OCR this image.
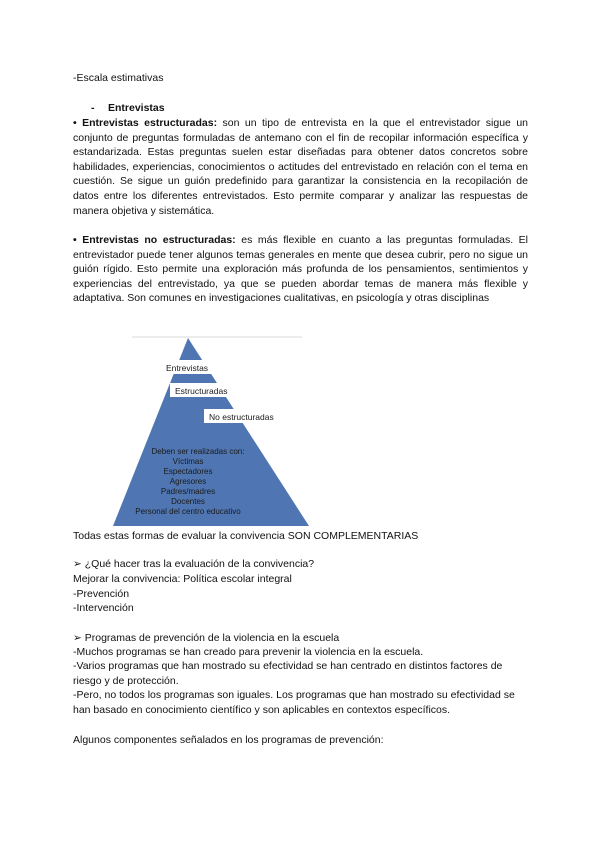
-Escala estimativas
- Entrevistas
• Entrevistas estructuradas: son un tipo de entrevista en la que el entrevistador sigue un conjunto de preguntas formuladas de antemano con el fin de recopilar información específica y estandarizada. Estas preguntas suelen estar diseñadas para obtener datos concretos sobre habilidades, experiencias, conocimientos o actitudes del entrevistado en relación con el tema en cuestión. Se sigue un guión predefinido para garantizar la consistencia en la recopilación de datos entre los diferentes entrevistados. Esto permite comparar y analizar las respuestas de manera objetiva y sistemática.
• Entrevistas no estructuradas: es más flexible en cuanto a las preguntas formuladas. El entrevistador puede tener algunos temas generales en mente que desea cubrir, pero no sigue un guión rígido. Esto permite una exploración más profunda de los pensamientos, sentimientos y experiencias del entrevistado, ya que se pueden abordar temas de manera más flexible y adaptativa. Son comunes en investigaciones cualitativas, en psicología y otras disciplinas
Entrevistas
Estructuradas
No estructuradas
Deben ser realizadas con:
Víctimas
Espectadores
Agresores
Padres/madres
Docentes
Personal del centro educativo
Todas estas formas de evaluar la convivencia SON COMPLEMENTARIAS
➢ ¿Qué hacer tras la evaluación de la convivencia?
Mejorar la convivencia: Política escolar integral
-Prevención
-Intervención
➢ Programas de prevención de la violencia en la escuela
-Muchos programas se han creado para prevenir la violencia en la escuela.
-Varios programas que han mostrado su efectividad se han centrado en distintos factores de riesgo y de protección.
-Pero, no todos los programas son iguales. Los programas que han mostrado su efectividad se han basado en conocimiento científico y son aplicables en contextos específicos.
Algunos componentes señalados en los programas de prevención:
